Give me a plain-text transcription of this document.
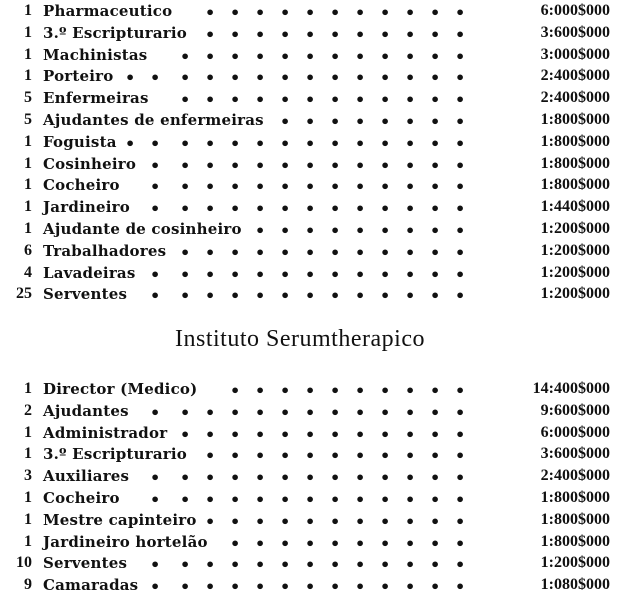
1 Pharmaceutico • • • • • • • • • • •	6:000$000
1 3.º Escripturario • • • • • • • • • • •	3:600$000
1 Machinistas • • • • • • • • • • • •	3:000$000
1 Porteiro • • • • • • • • • • • • • •	2:400$000
5 Enfermeiras • • • • • • • • • • • •	2:400$000
5 Ajudantes de enfermeiras • • • • • • • •	1:800$000
1 Foguista • • • • • • • • • • • • • •	1:800$000
1 Cosinheiro • • • • • • • • • • • • •	1:800$000
1 Cocheiro • • • • • • • • • • • • •	1:800$000
1 Jardineiro • • • • • • • • • • • • •	1:440$000
1 Ajudante de cosinheiro • • • • • • • • •	1:200$000
6 Trabalhadores • • • • • • • • • • • •	1:200$000
4 Lavadeiras • • • • • • • • • • • • •	1:200$000
25 Serventes • • • • • • • • • • • • •	1:200$000
Instituto Serumtherapico
1 Director (Medico) • • • • • • • • • •	14:400$000
2 Ajudantes • • • • • • • • • • • • •	9:600$000
1 Administrador • • • • • • • • • • • •	6:000$000
1 3.º Escripturario • • • • • • • • • • •	3:600$000
3 Auxiliares • • • • • • • • • • • • •	2:400$000
1 Cocheiro • • • • • • • • • • • • •	1:800$000
1 Mestre capinteiro • • • • • • • • • • •	1:800$000
1 Jardineiro hortelão • • • • • • • • • •	1:800$000
10 Serventes • • • • • • • • • • • • •	1:200$000
9 Camaradas • • • • • • • • • • • • •	1:080$000
